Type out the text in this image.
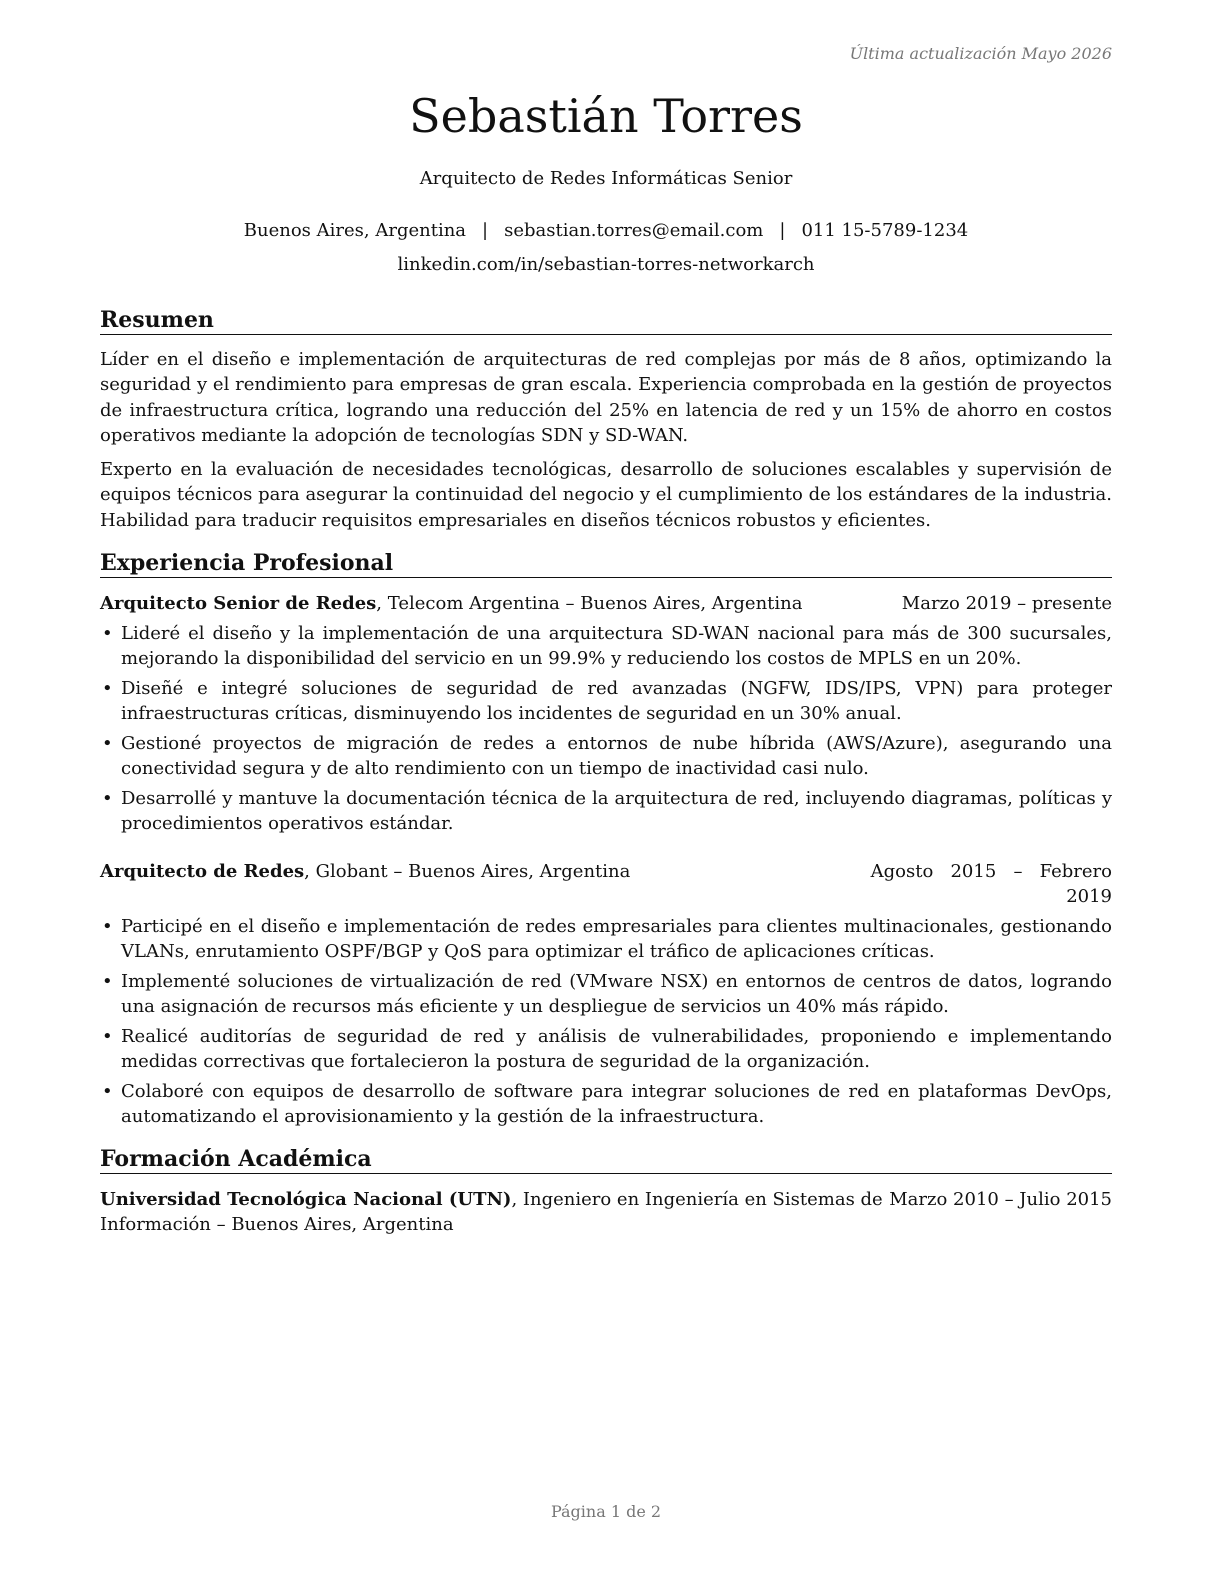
Última actualización Mayo 2026
Sebastián Torres
Arquitecto de Redes Informáticas Senior
Buenos Aires, Argentina | sebastian.torres@email.com | 011 15-5789-1234
linkedin.com/in/sebastian-torres-networkarch
Resumen
Líder en el diseño e implementación de arquitecturas de red complejas por más de 8 años, optimizando la seguridad y el rendimiento para empresas de gran escala. Experiencia comprobada en la gestión de proyectos de infraestructura crítica, logrando una reducción del 25% en latencia de red y un 15% de ahorro en costos operativos mediante la adopción de tecnologías SDN y SD-WAN.
Experto en la evaluación de necesidades tecnológicas, desarrollo de soluciones escalables y supervisión de equipos técnicos para asegurar la continuidad del negocio y el cumplimiento de los estándares de la industria. Habilidad para traducir requisitos empresariales en diseños técnicos robustos y eficientes.
Experiencia Profesional
Arquitecto Senior de Redes, Telecom Argentina – Buenos Aires, Argentina	Marzo 2019 – presente
• Lideré el diseño y la implementación de una arquitectura SD-WAN nacional para más de 300 sucursales, mejorando la disponibilidad del servicio en un 99.9% y reduciendo los costos de MPLS en un 20%.
• Diseñé e integré soluciones de seguridad de red avanzadas (NGFW, IDS/IPS, VPN) para proteger infraestructuras críticas, disminuyendo los incidentes de seguridad en un 30% anual.
• Gestioné proyectos de migración de redes a entornos de nube híbrida (AWS/Azure), asegurando una conectividad segura y de alto rendimiento con un tiempo de inactividad casi nulo.
• Desarrollé y mantuve la documentación técnica de la arquitectura de red, incluyendo diagramas, políticas y procedimientos operativos estándar.
Arquitecto de Redes, Globant – Buenos Aires, Argentina	Agosto   2015   –   Febrero
2019
• Participé en el diseño e implementación de redes empresariales para clientes multinacionales, gestionando VLANs, enrutamiento OSPF/BGP y QoS para optimizar el tráfico de aplicaciones críticas.
• Implementé soluciones de virtualización de red (VMware NSX) en entornos de centros de datos, logrando una asignación de recursos más eficiente y un despliegue de servicios un 40% más rápido.
• Realicé auditorías de seguridad de red y análisis de vulnerabilidades, proponiendo e implementando medidas correctivas que fortalecieron la postura de seguridad de la organización.
• Colaboré con equipos de desarrollo de software para integrar soluciones de red en plataformas DevOps, automatizando el aprovisionamiento y la gestión de la infraestructura.
Formación Académica
Universidad Tecnológica Nacional (UTN), Ingeniero en Ingeniería en Sistemas de Información – Buenos Aires, Argentina
Marzo 2010 – Julio 2015
Página 1 de 2
